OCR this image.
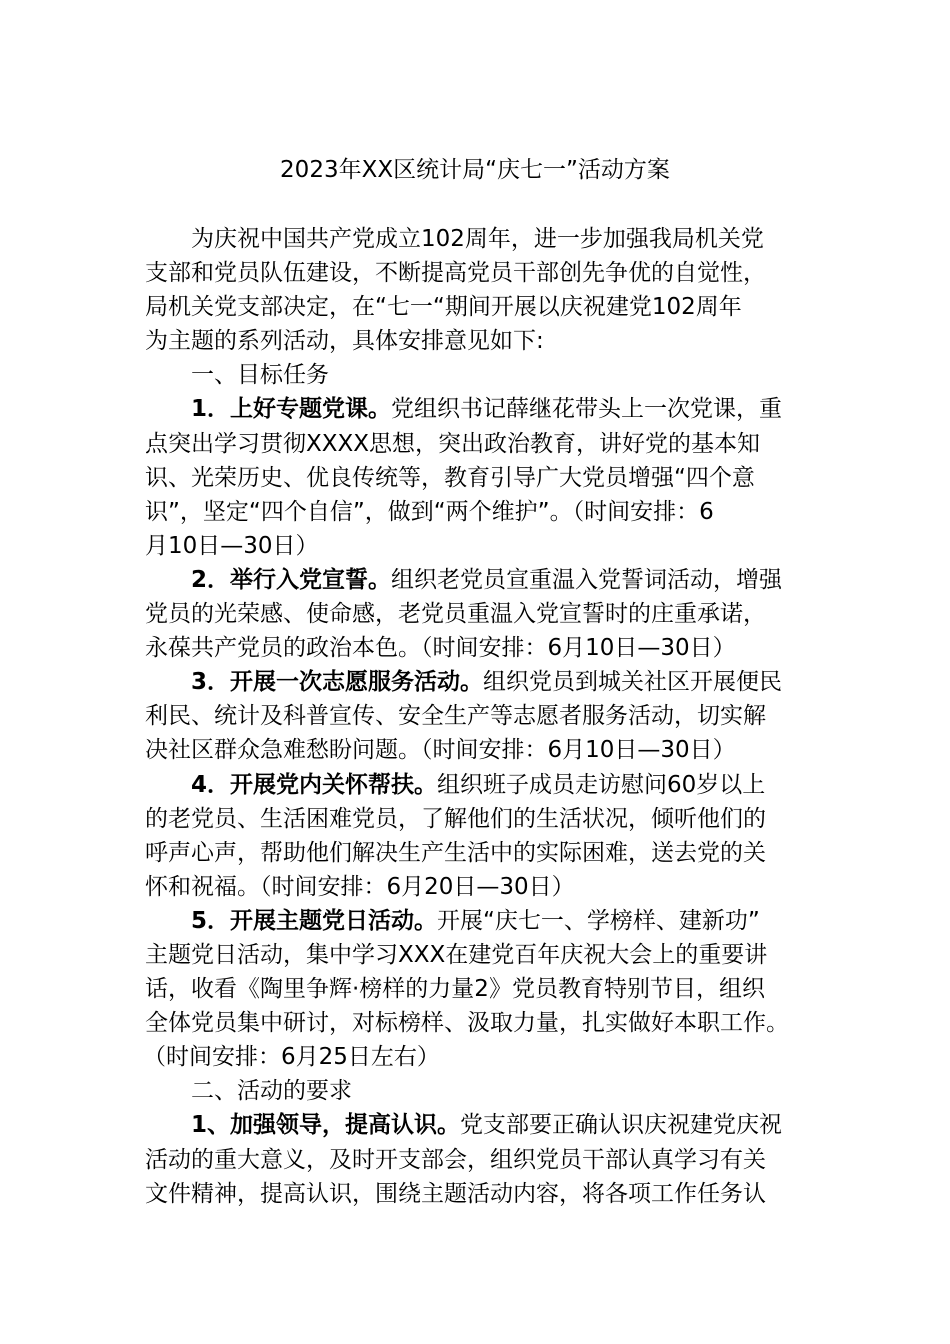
2023年XX区统计局“庆七一”活动方案
为庆祝中国共产党成立102周年，进一步加强我局机关党
支部和党员队伍建设，不断提高党员干部创先争优的自觉性，
局机关党支部决定，在“七一“期间开展以庆祝建党102周年
为主题的系列活动，具体安排意见如下:
一、目标任务
1．上好专题党课。党组织书记薛继花带头上一次党课，重
点突出学习贯彻XXXX思想，突出政治教育，讲好党的基本知
识、光荣历史、优良传统等，教育引导广大党员增强“四个意
识”，坚定“四个自信”，做到“两个维护”。（时间安排：6
月10日—30日）
2．举行入党宣誓。组织老党员宣重温入党誓词活动，增强
党员的光荣感、使命感，老党员重温入党宣誓时的庄重承诺，
永葆共产党员的政治本色。（时间安排：6月10日—30日）
3．开展一次志愿服务活动。组织党员到城关社区开展便民
利民、统计及科普宣传、安全生产等志愿者服务活动，切实解
决社区群众急难愁盼问题。（时间安排：6月10日—30日）
4．开展党内关怀帮扶。组织班子成员走访慰问60岁以上
的老党员、生活困难党员，了解他们的生活状况，倾听他们的
呼声心声，帮助他们解决生产生活中的实际困难，送去党的关
怀和祝福。（时间安排：6月20日—30日）
5．开展主题党日活动。开展“庆七一、学榜样、建新功”
主题党日活动，集中学习XXX在建党百年庆祝大会上的重要讲
话，收看《陶里争辉·榜样的力量2》党员教育特别节目，组织
全体党员集中研讨，对标榜样、汲取力量，扎实做好本职工作。
（时间安排：6月25日左右）
二、活动的要求
1、加强领导，提高认识。党支部要正确认识庆祝建党庆祝
活动的重大意义，及时开支部会，组织党员干部认真学习有关
文件精神，提高认识，围绕主题活动内容，将各项工作任务认
